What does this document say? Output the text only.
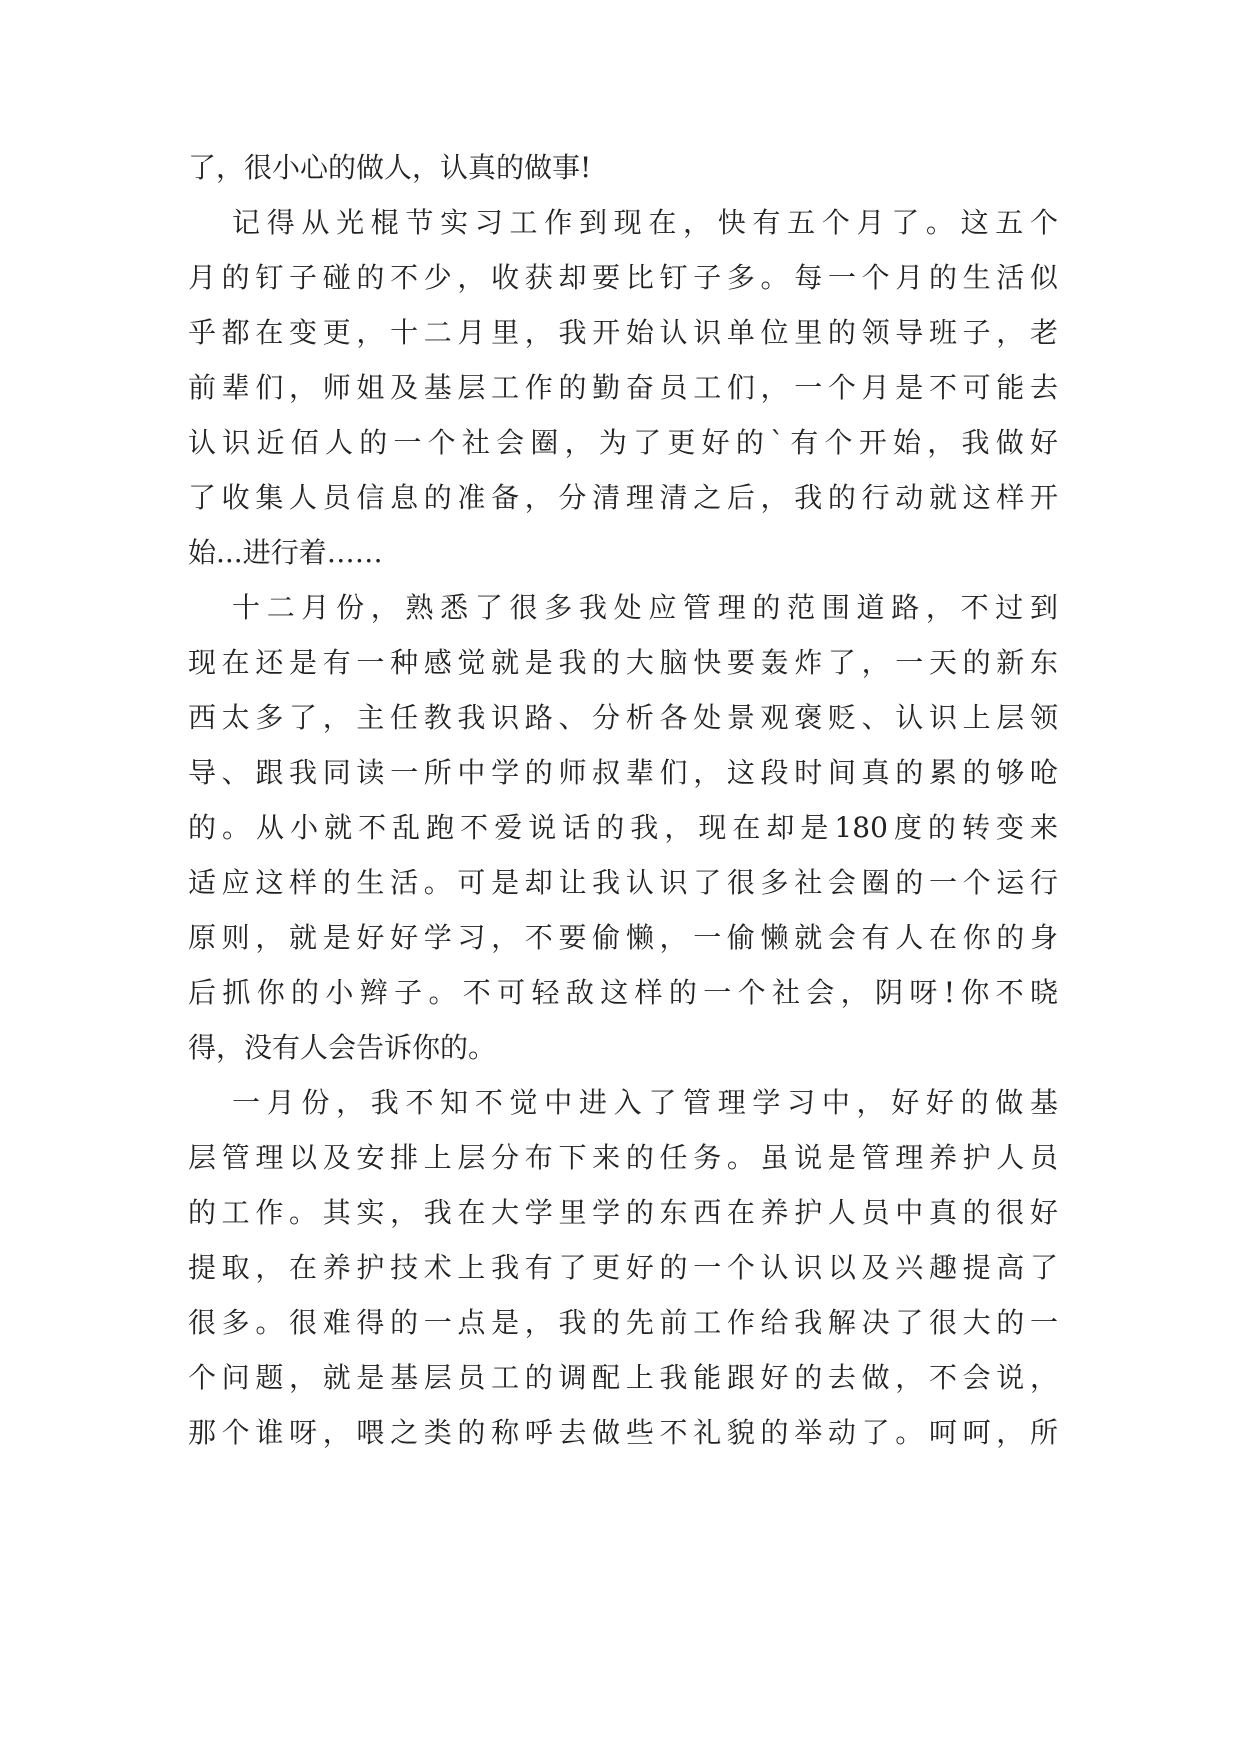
了，很小心的做人，认真的做事!
记得从光棍节实习工作到现在，快有五个月了。这五个
月的钉子碰的不少，收获却要比钉子多。每一个月的生活似
乎都在变更，十二月里，我开始认识单位里的领导班子，老
前辈们，师姐及基层工作的勤奋员工们，一个月是不可能去
认识近佰人的一个社会圈，为了更好的`有个开始，我做好
了收集人员信息的准备，分清理清之后，我的行动就这样开
始...进行着……
十二月份，熟悉了很多我处应管理的范围道路，不过到
现在还是有一种感觉就是我的大脑快要轰炸了，一天的新东
西太多了，主任教我识路、分析各处景观褒贬、认识上层领
导、跟我同读一所中学的师叔辈们，这段时间真的累的够呛
的。从小就不乱跑不爱说话的我，现在却是180度的转变来
适应这样的生活。可是却让我认识了很多社会圈的一个运行
原则，就是好好学习，不要偷懒，一偷懒就会有人在你的身
后抓你的小辫子。不可轻敌这样的一个社会，阴呀!你不晓
得，没有人会告诉你的。
一月份，我不知不觉中进入了管理学习中，好好的做基
层管理以及安排上层分布下来的任务。虽说是管理养护人员
的工作。其实，我在大学里学的东西在养护人员中真的很好
提取，在养护技术上我有了更好的一个认识以及兴趣提高了
很多。很难得的一点是，我的先前工作给我解决了很大的一
个问题，就是基层员工的调配上我能跟好的去做，不会说，
那个谁呀，喂之类的称呼去做些不礼貌的举动了。呵呵，所
